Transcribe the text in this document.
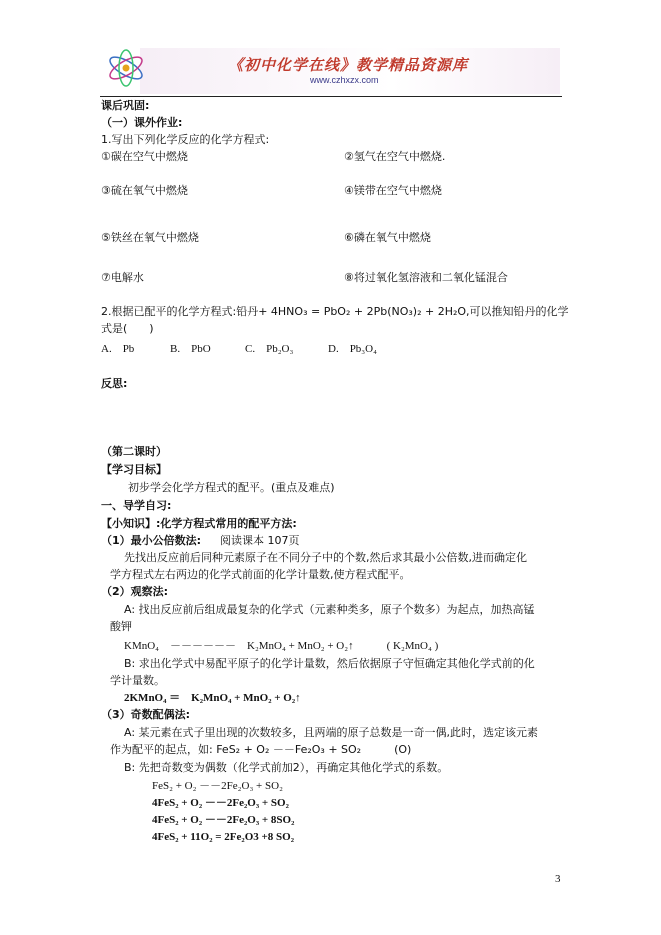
《初中化学在线》教学精品资源库
www.czhxzx.com
课后巩固:
（一）课外作业:
1.写出下列化学反应的化学方程式:
①碳在空气中燃烧	②氢气在空气中燃烧.
③硫在氧气中燃烧	④镁带在空气中燃烧
⑤铁丝在氧气中燃烧	⑥磷在氧气中燃烧
⑦电解水	⑧将过氧化氢溶液和二氧化锰混合
2.根据已配平的化学方程式:铅丹+ 4HNO₃ = PbO₂ + 2Pb(NO₃)₂ + 2H₂O,可以推知铅丹的化学
式是(　　)
A.　Pb	B.　PbO	C.　Pb₂O₃	D.　Pb₃O₄
反思:
（第二课时）
【学习目标】
初步学会化学方程式的配平。(重点及难点)
一、导学自习:
【小知识】:化学方程式常用的配平方法:
（1）最小公倍数法: 阅读课本 107页
先找出反应前后同种元素原子在不同分子中的个数,然后求其最小公倍数,进而确定化
学方程式左右两边的化学式前面的化学计量数,使方程式配平。
（2）观察法:
A: 找出反应前后组成最复杂的化学式（元素种类多，原子个数多）为起点，加热高锰
酸钾
KMnO₄　－－－－－－　K₂MnO₄ + MnO₂ + O₂↑　　　( K₂MnO₄ )
B: 求出化学式中易配平原子的化学计量数，然后依据原子守恒确定其他化学式前的化
学计量数。
2KMnO₄ ＝　K₂MnO₄ + MnO₂ + O₂↑
（3）奇数配偶法:
A: 某元素在式子里出现的次数较多，且两端的原子总数是一奇一偶,此时，选定该元素
作为配平的起点，如: FeS₂ + O₂ －－Fe₂O₃ + SO₂　　　(O)
B: 先把奇数变为偶数（化学式前加2），再确定其他化学式的系数。
FeS₂ + O₂ －－2Fe₂O₃ + SO₂
4FeS₂ + O₂ －－2Fe₂O₃ + SO₂
4FeS₂ + O₂ －－2Fe₂O₃ + 8SO₂
4FeS₂ + 11O₂ = 2Fe₂O3 +8 SO₂
3
